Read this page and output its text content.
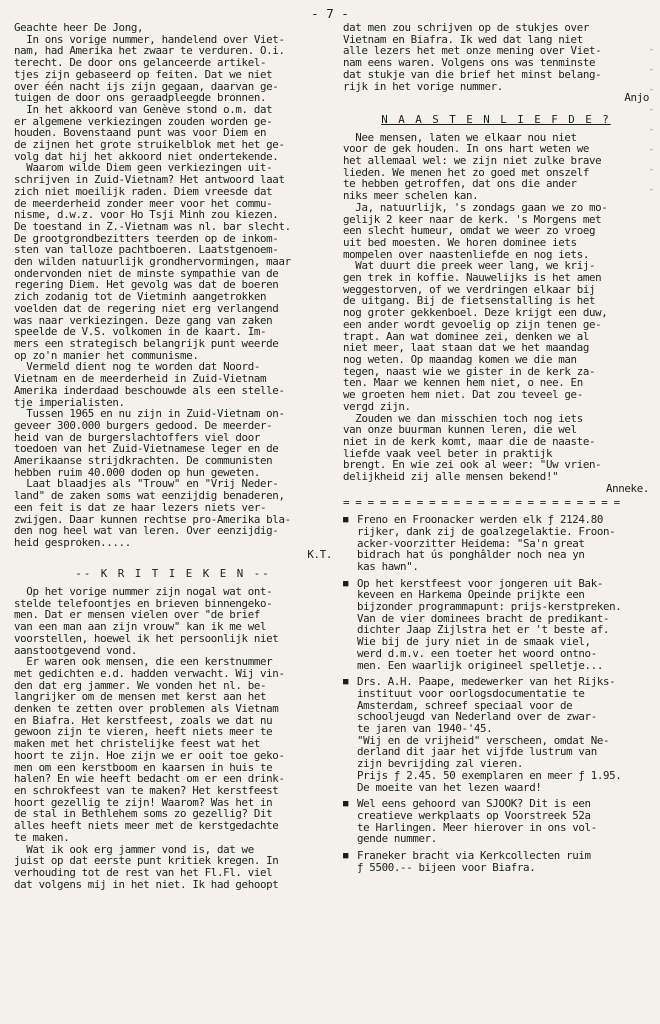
- 7 -

Geachte heer De Jong,

In ons vorige nummer, handelend over Viet-

nam, had Amerika het zwaar te verduren. O.i.

terecht. De door ons gelanceerde artikel-

tjes zijn gebaseerd op feiten. Dat we niet

over één nacht ijs zijn gegaan, daarvan ge-

tuigen de door ons geraadpleegde bronnen.

In het akkoord van Genève stond o.m. dat

er algemene verkiezingen zouden worden ge-

houden. Bovenstaand punt was voor Diem en

de zijnen het grote struikelblok met het ge-

volg dat hij het akkoord niet ondertekende.

Waarom wilde Diem geen verkiezingen uit-

schrijven in Zuid-Vietnam? Het antwoord laat

zich niet moeilijk raden. Diem vreesde dat

de meerderheid zonder meer voor het commu-

nisme, d.w.z. voor Ho Tsji Minh zou kiezen.

De toestand in Z.-Vietnam was nl. bar slecht.

De grootgrondbezitters teerden op de inkom-

sten van talloze pachtboeren. Laatstgenoem-

den wilden natuurlijk grondhervormingen, maar

ondervonden niet de minste sympathie van de

regering Diem. Het gevolg was dat de boeren

zich zodanig tot de Vietminh aangetrokken

voelden dat de regering niet erg verlangend

was naar verkiezingen. Deze gang van zaken

speelde de V.S. volkomen in de kaart. Im-

mers een strategisch belangrijk punt weerde

op zo'n manier het communisme.

Vermeld dient nog te worden dat Noord-

Vietnam en de meerderheid in Zuid-Vietnam

Amerika inderdaad beschouwde als een stelle-

tje imperialisten.

Tussen 1965 en nu zijn in Zuid-Vietnam on-

geveer 300.000 burgers gedood. De meerder-

heid van de burgerslachtoffers viel door

toedoen van het Zuid-Vietnamese leger en de

Amerikaanse strijdkrachten. De communisten

hebben ruim 40.000 doden op hun geweten.

Laat blaadjes als "Trouw" en "Vrij Neder-

land" de zaken soms wat eenzijdig benaderen,

een feit is dat ze haar lezers niets ver-

zwijgen. Daar kunnen rechtse pro-Amerika bla-

den nog heel wat van leren. Over eenzijdig-

heid gesproken.....

K.T.

-- K R I T I E K E N --

Op het vorige nummer zijn nogal wat ont-

stelde telefoontjes en brieven binnengeko-

men. Dat er mensen vielen over "de brief

van een man aan zijn vrouw" kan ik me wel

voorstellen, hoewel ik het persoonlijk niet

aanstootgevend vond.

Er waren ook mensen, die een kerstnummer

met gedichten e.d. hadden verwacht. Wij vin-

den dat erg jammer. We vonden het nl. be-

langrijker om de mensen met kerst aan het

denken te zetten over problemen als Vietnam

en Biafra. Het kerstfeest, zoals we dat nu

gewoon zijn te vieren, heeft niets meer te

maken met het christelijke feest wat het

hoort te zijn. Hoe zijn we er ooit toe geko-

men om een kerstboom en kaarsen in huis te

halen? En wie heeft bedacht om er een drink-

en schrokfeest van te maken? Het kerstfeest

hoort gezellig te zijn! Waarom? Was het in

de stal in Bethlehem soms zo gezellig? Dit

alles heeft niets meer met de kerstgedachte

te maken.

Wat ik ook erg jammer vond is, dat we

juist op dat eerste punt kritiek kregen. In

verhouding tot de rest van het Fl.Fl. viel

dat volgens mij in het niet. Ik had gehoopt

dat men zou schrijven op de stukjes over

Vietnam en Biafra. Ik wed dat lang niet

alle lezers het met onze mening over Viet-

nam eens waren. Volgens ons was tenminste

dat stukje van die brief het minst belang-

rijk in het vorige nummer.

Anjo

N A A S T E N L I E F D E ?

Nee mensen, laten we elkaar nou niet

voor de gek houden. In ons hart weten we

het allemaal wel: we zijn niet zulke brave

lieden. We menen het zo goed met onszelf

te hebben getroffen, dat ons die ander

niks meer schelen kan.

Ja, natuurlijk, 's zondags gaan we zo mo-

gelijk 2 keer naar de kerk. 's Morgens met

een slecht humeur, omdat we weer zo vroeg

uit bed moesten. We horen dominee iets

mompelen over naastenliefde en nog iets.

Wat duurt die preek weer lang, we krij-

gen trek in koffie. Nauwelijks is het amen

weggestorven, of we verdringen elkaar bij

de uitgang. Bij de fietsenstalling is het

nog groter gekkenboel. Deze krijgt een duw,

een ander wordt gevoelig op zijn tenen ge-

trapt. Aan wat dominee zei, denken we al

niet meer, laat staan dat we het maandag

nog weten. Op maandag komen we die man

tegen, naast wie we gister in de kerk za-

ten. Maar we kennen hem niet, o nee. En

we groeten hem niet. Dat zou teveel ge-

vergd zijn.

Zouden we dan misschien toch nog iets

van onze buurman kunnen leren, die wel

niet in de kerk komt, maar die de naaste-

liefde vaak veel beter in praktijk

brengt. En wie zei ook al weer: "Uw vrien-

delijkheid zij alle mensen bekend!"

Anneke.

= = = = = = = = = = = = = = = = = = = = = = =
■ Freno en Froonacker werden elk ƒ 2124.80

rijker, dank zij de goalzegelaktie. Froon-

acker-voorzitter Heidema: "Sa'n great

bidrach hat ús ponghâlder noch nea yn

kas hawn".

■ Op het kerstfeest voor jongeren uit Bak-

keveen en Harkema Opeinde prijkte een

bijzonder programmapunt: prijs-kerstpreken.

Van de vier dominees bracht de predikant-

dichter Jaap Zijlstra het er 't beste af.

Wie bij de jury niet in de smaak viel,

werd d.m.v. een toeter het woord ontno-

men. Een waarlijk origineel spelletje...

■ Drs. A.H. Paape, medewerker van het Rijks-

instituut voor oorlogsdocumentatie te

Amsterdam, schreef speciaal voor de

schooljeugd van Nederland over de zwar-

te jaren van 1940-'45.

"Wij en de vrijheid" verscheen, omdat Ne-

derland dit jaar het vijfde lustrum van

zijn bevrijding zal vieren.

Prijs ƒ 2.45. 50 exemplaren en meer ƒ 1.95.

De moeite van het lezen waard!

■ Wel eens gehoord van SJOOK? Dit is een

creatieve werkplaats op Voorstreek 52a

te Harlingen. Meer hierover in ons vol-

gende nummer.

■ Franeker bracht via Kerkcollecten ruim

ƒ 5500.-- bijeen voor Biafra.

-
-
-
-
-
-
-
-
